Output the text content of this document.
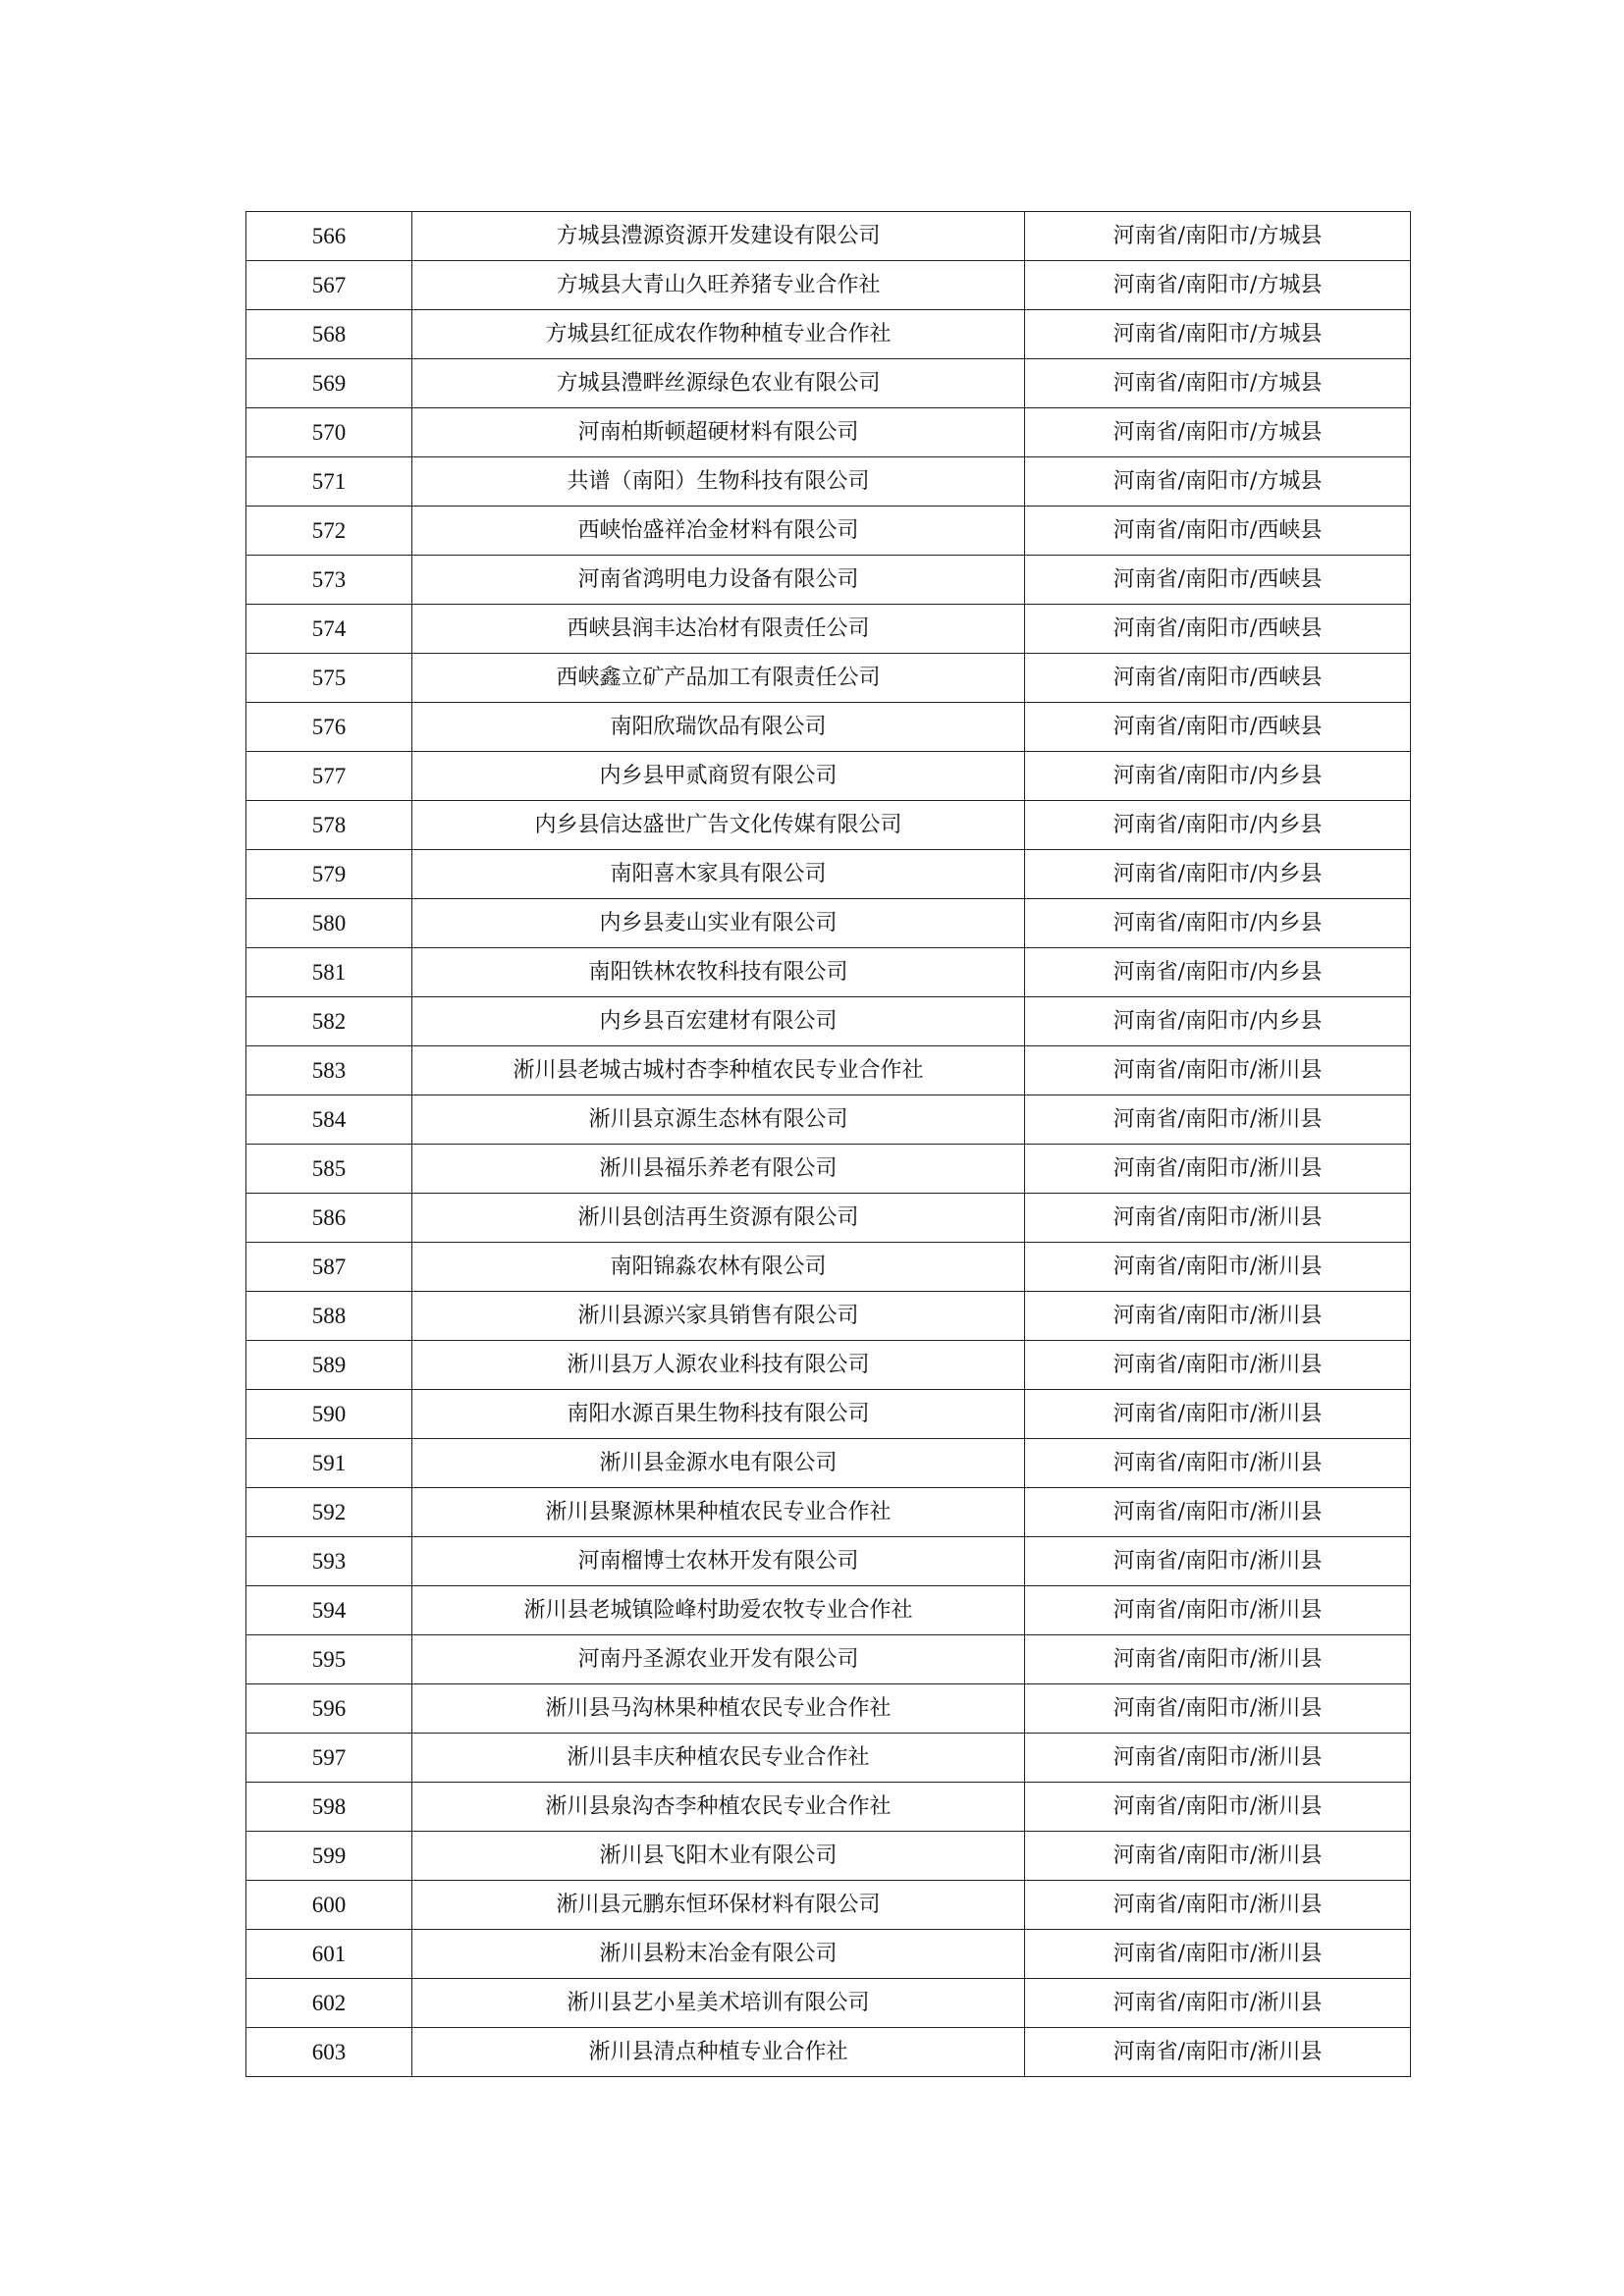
566	方城县澧源资源开发建设有限公司	河南省/南阳市/方城县
567	方城县大青山久旺养猪专业合作社	河南省/南阳市/方城县
568	方城县红征成农作物种植专业合作社	河南省/南阳市/方城县
569	方城县澧畔丝源绿色农业有限公司	河南省/南阳市/方城县
570	河南柏斯顿超硬材料有限公司	河南省/南阳市/方城县
571	共谱（南阳）生物科技有限公司	河南省/南阳市/方城县
572	西峡怡盛祥冶金材料有限公司	河南省/南阳市/西峡县
573	河南省鸿明电力设备有限公司	河南省/南阳市/西峡县
574	西峡县润丰达冶材有限责任公司	河南省/南阳市/西峡县
575	西峡鑫立矿产品加工有限责任公司	河南省/南阳市/西峡县
576	南阳欣瑞饮品有限公司	河南省/南阳市/西峡县
577	内乡县甲贰商贸有限公司	河南省/南阳市/内乡县
578	内乡县信达盛世广告文化传媒有限公司	河南省/南阳市/内乡县
579	南阳喜木家具有限公司	河南省/南阳市/内乡县
580	内乡县麦山实业有限公司	河南省/南阳市/内乡县
581	南阳铁林农牧科技有限公司	河南省/南阳市/内乡县
582	内乡县百宏建材有限公司	河南省/南阳市/内乡县
583	淅川县老城古城村杏李种植农民专业合作社	河南省/南阳市/淅川县
584	淅川县京源生态林有限公司	河南省/南阳市/淅川县
585	淅川县福乐养老有限公司	河南省/南阳市/淅川县
586	淅川县创洁再生资源有限公司	河南省/南阳市/淅川县
587	南阳锦淼农林有限公司	河南省/南阳市/淅川县
588	淅川县源兴家具销售有限公司	河南省/南阳市/淅川县
589	淅川县万人源农业科技有限公司	河南省/南阳市/淅川县
590	南阳水源百果生物科技有限公司	河南省/南阳市/淅川县
591	淅川县金源水电有限公司	河南省/南阳市/淅川县
592	淅川县聚源林果种植农民专业合作社	河南省/南阳市/淅川县
593	河南榴博士农林开发有限公司	河南省/南阳市/淅川县
594	淅川县老城镇险峰村助爱农牧专业合作社	河南省/南阳市/淅川县
595	河南丹圣源农业开发有限公司	河南省/南阳市/淅川县
596	淅川县马沟林果种植农民专业合作社	河南省/南阳市/淅川县
597	淅川县丰庆种植农民专业合作社	河南省/南阳市/淅川县
598	淅川县泉沟杏李种植农民专业合作社	河南省/南阳市/淅川县
599	淅川县飞阳木业有限公司	河南省/南阳市/淅川县
600	淅川县元鹏东恒环保材料有限公司	河南省/南阳市/淅川县
601	淅川县粉末冶金有限公司	河南省/南阳市/淅川县
602	淅川县艺小星美术培训有限公司	河南省/南阳市/淅川县
603	淅川县清点种植专业合作社	河南省/南阳市/淅川县
